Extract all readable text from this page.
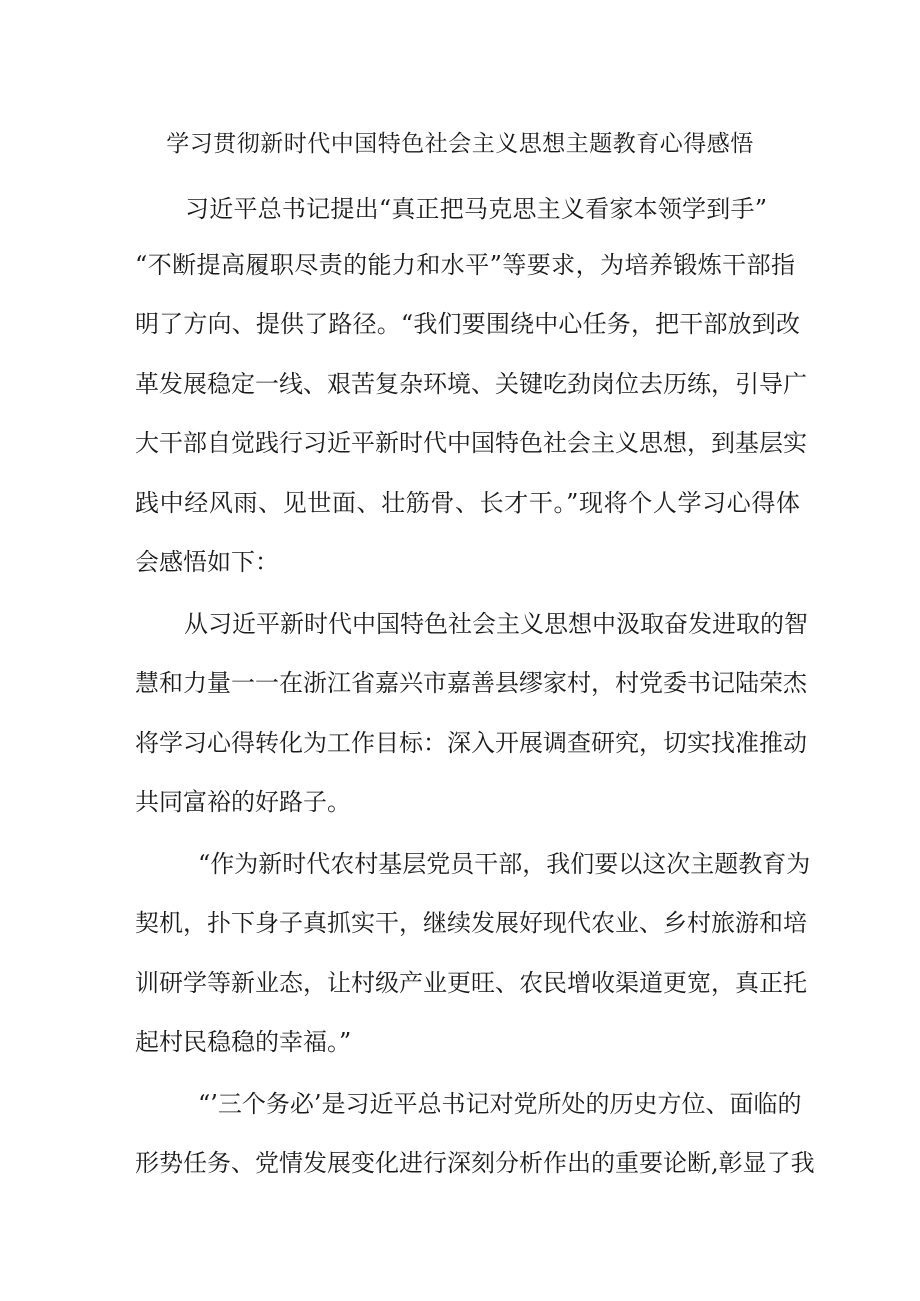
学习贯彻新时代中国特色社会主义思想主题教育心得感悟

习近平总书记提出“真正把马克思主义看家本领学到手”

“不断提高履职尽责的能力和水平”等要求，为培养锻炼干部指

明了方向、提供了路径。“我们要围绕中心任务，把干部放到改

革发展稳定一线、艰苦复杂环境、关键吃劲岗位去历练，引导广

大干部自觉践行习近平新时代中国特色社会主义思想，到基层实

践中经风雨、见世面、壮筋骨、长才干。”现将个人学习心得体

会感悟如下：

从习近平新时代中国特色社会主义思想中汲取奋发进取的智

慧和力量一一在浙江省嘉兴市嘉善县缪家村，村党委书记陆荣杰

将学习心得转化为工作目标：深入开展调查研究，切实找准推动

共同富裕的好路子。

“作为新时代农村基层党员干部，我们要以这次主题教育为

契机，扑下身子真抓实干，继续发展好现代农业、乡村旅游和培

训研学等新业态，让村级产业更旺、农民增收渠道更宽，真正托

起村民稳稳的幸福。”

“’三个务必’是习近平总书记对党所处的历史方位、面临的

形势任务、党情发展变化进行深刻分析作出的重要论断,彰显了我
